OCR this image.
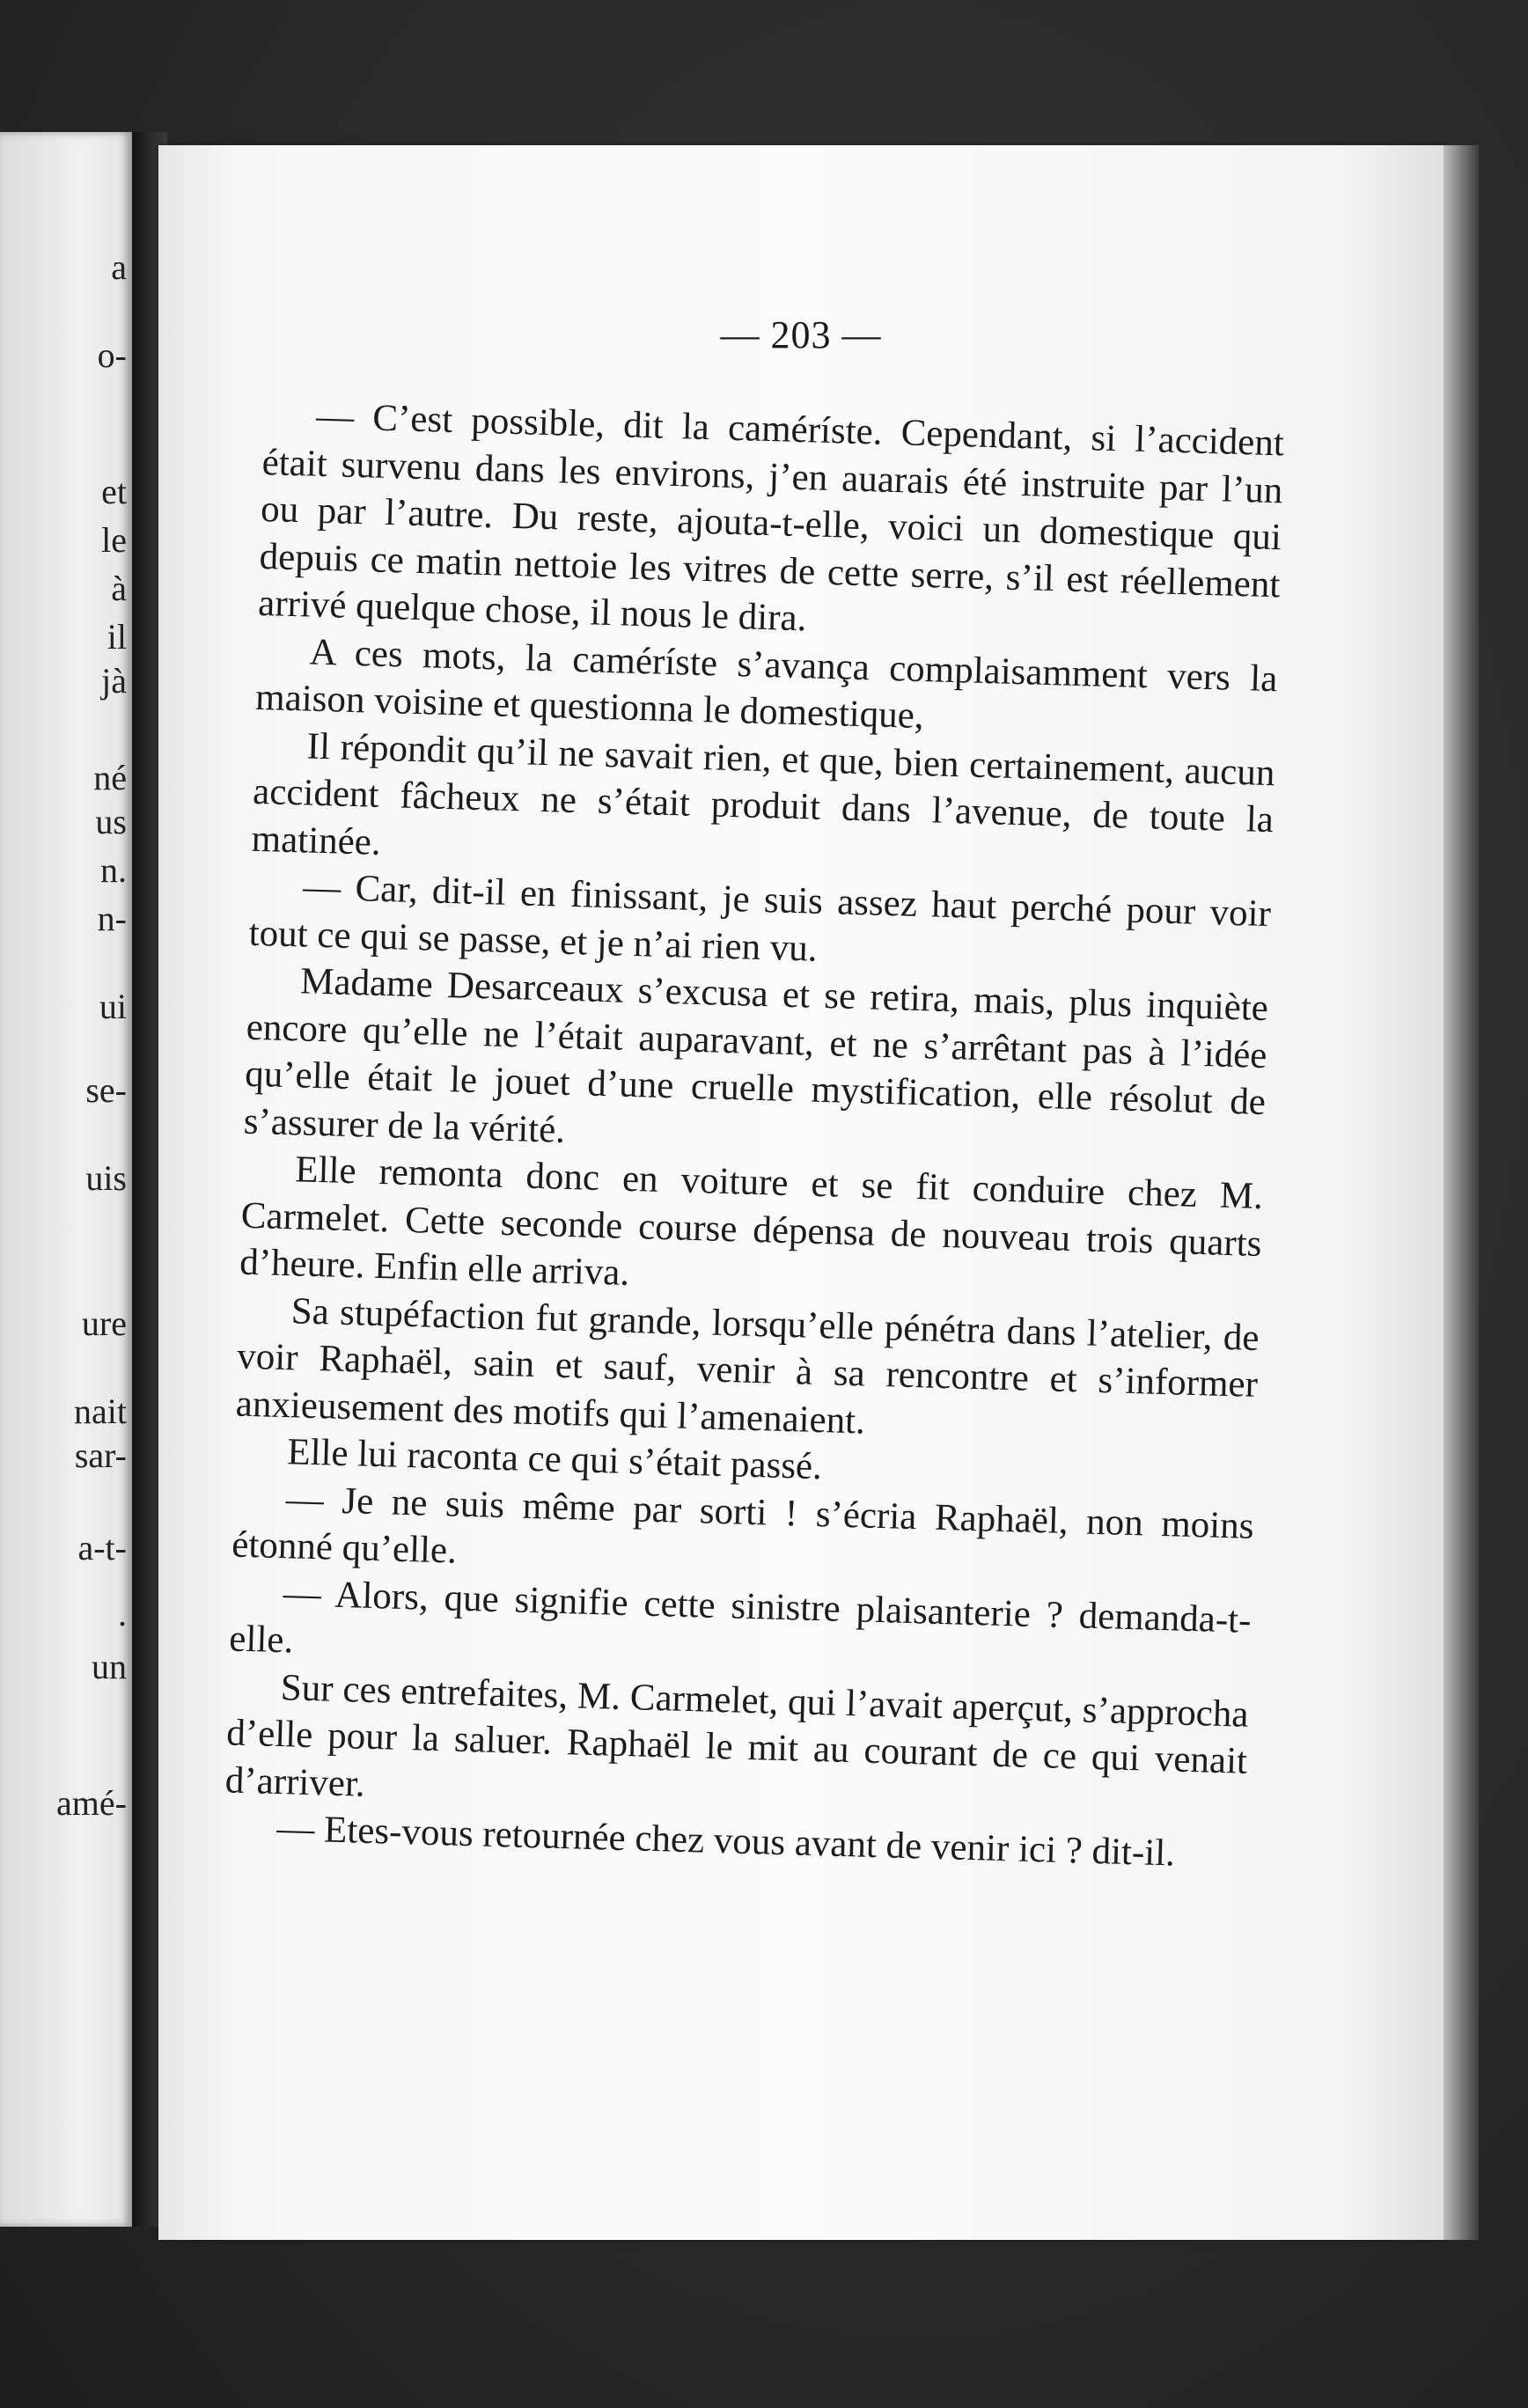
a
o-
et
le
à
il
jà
né
us
n.
n-
ui
se-
uis
ure
nait
sar-
a-t-
.
un
amé-
— 203 —

— C’est possible, dit la caméríste. Cependant, si l’accident était survenu dans les environs, j’en auarais été instruite par l’un ou par l’autre. Du reste, ajouta-t-elle, voici un domestique qui depuis ce matin nettoie les vitres de cette serre, s’il est réellement arrivé quelque chose, il nous le dira.

A ces mots, la caméríste s’avança complaisamment vers la maison voisine et questionna le domestique,

Il répondit qu’il ne savait rien, et que, bien certainement, aucun accident fâcheux ne s’était produit dans l’avenue, de toute la matinée.

— Car, dit-il en finissant, je suis assez haut perché pour voir tout ce qui se passe, et je n’ai rien vu.

Madame Desarceaux s’excusa et se retira, mais, plus inquiète encore qu’elle ne l’était auparavant, et ne s’arrêtant pas à l’idée qu’elle était le jouet d’une cruelle mystification, elle résolut de s’assurer de la vérité.

Elle remonta donc en voiture et se fit conduire chez M. Carmelet. Cette seconde course dépensa de nouveau trois quarts d’heure. Enfin elle arriva.

Sa stupéfaction fut grande, lorsqu’elle pénétra dans l’atelier, de voir Raphaël, sain et sauf, venir à sa rencontre et s’informer anxieusement des motifs qui l’amenaient.

Elle lui raconta ce qui s’était passé.

— Je ne suis même par sorti ! s’écria Raphaël, non moins étonné qu’elle.

— Alors, que signifie cette sinistre plaisanterie ? demanda-t-elle.

Sur ces entrefaites, M. Carmelet, qui l’avait aperçut, s’approcha d’elle pour la saluer. Raphaël le mit au courant de ce qui venait d’arriver.

— Etes-vous retournée chez vous avant de venir ici ? dit-il.
